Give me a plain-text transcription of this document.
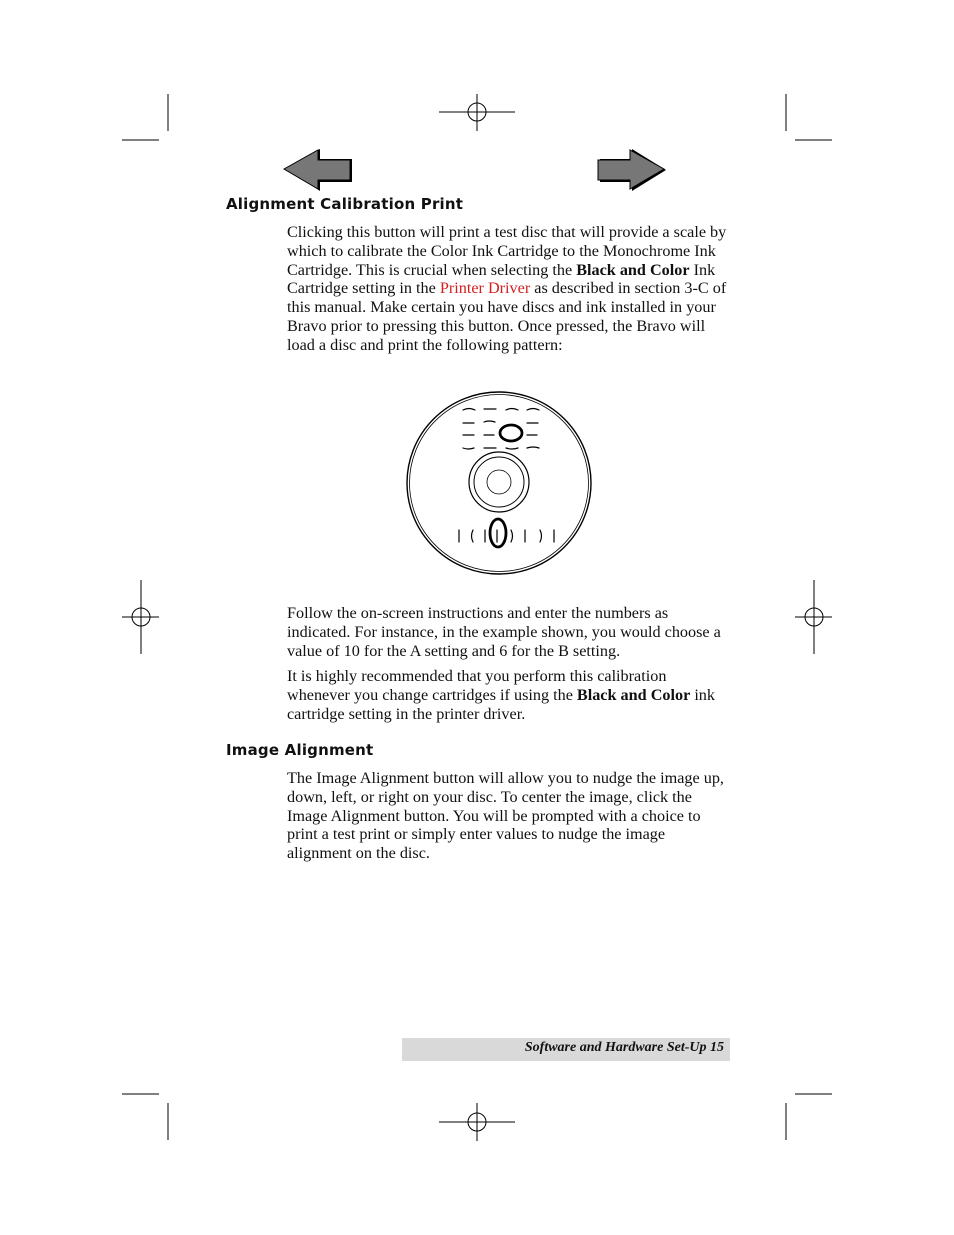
Alignment Calibration Print

Clicking this button will print a test disc that will provide a scale by which to calibrate the Color Ink Cartridge to the Monochrome Ink Cartridge. This is crucial when selecting the Black and Color Ink Cartridge setting in the Printer Driver as described in section 3-C of this manual. Make certain you have discs and ink installed in your Bravo prior to pressing this button. Once pressed, the Bravo will load a disc and print the following pattern:

Follow the on-screen instructions and enter the numbers as indicated. For instance, in the example shown, you would choose a value of 10 for the A setting and 6 for the B setting.

It is highly recommended that you perform this calibration whenever you change cartridges if using the Black and Color ink cartridge setting in the printer driver.

Image Alignment

The Image Alignment button will allow you to nudge the image up, down, left, or right on your disc. To center the image, click the Image Alignment button. You will be prompted with a choice to print a test print or simply enter values to nudge the image alignment on the disc.

Software and Hardware Set-Up 15
